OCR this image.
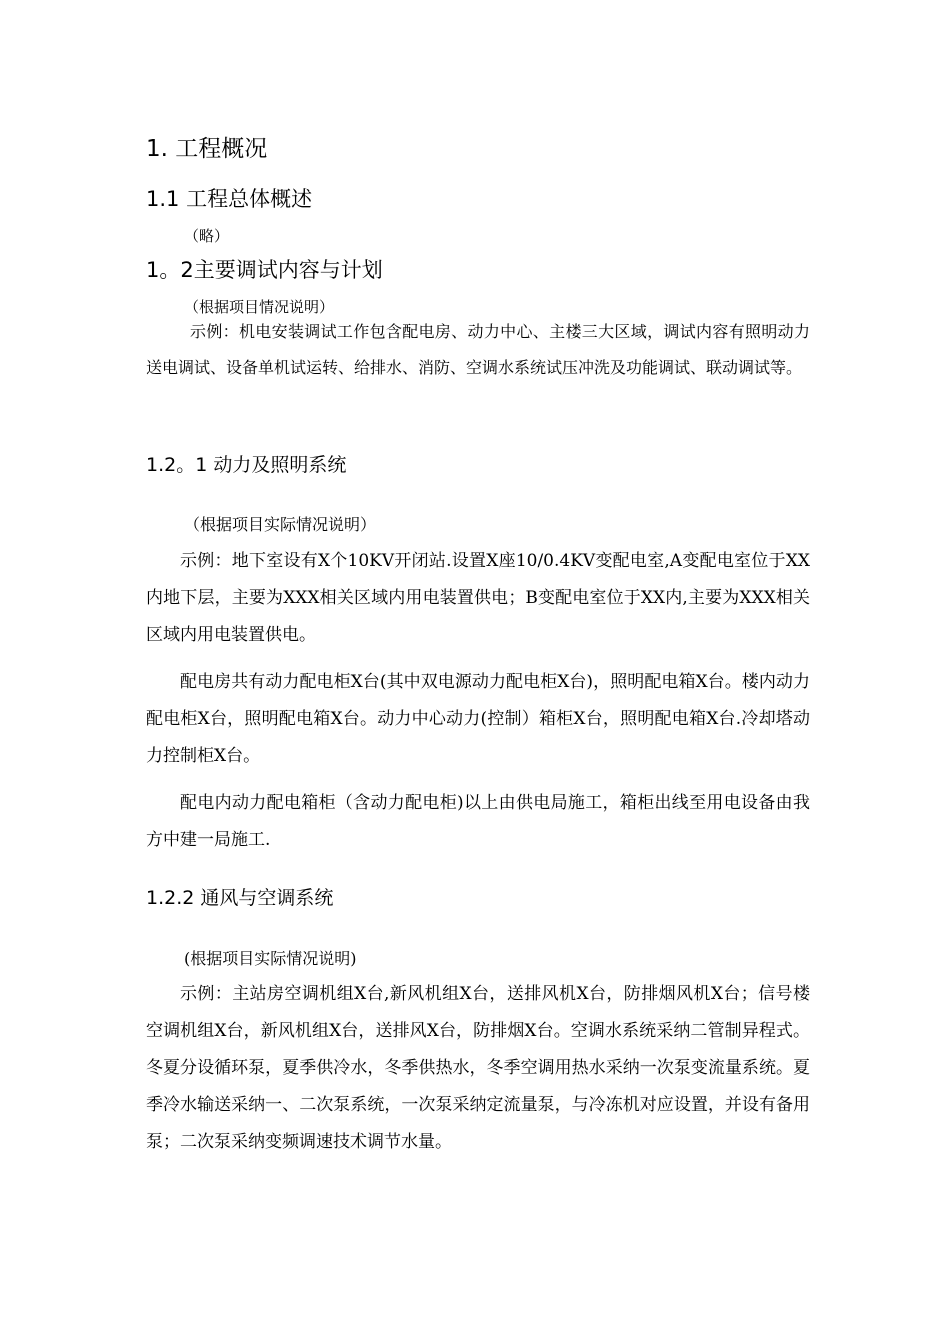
1. 工程概况
1.1 工程总体概述
（略）
1。2主要调试内容与计划
（根据项目情况说明）

示例：机电安装调试工作包含配电房、动力中心、主楼三大区域，调试内容有照明动力送电调试、设备单机试运转、给排水、消防、空调水系统试压冲洗及功能调试、联动调试等。

1.2。1 动力及照明系统
（根据项目实际情况说明）

示例：地下室设有X个10KV开闭站.设置X座10/0.4KV变配电室,A变配电室位于XX内地下层，主要为XXX相关区域内用电装置供电；B变配电室位于XX内,主要为XXX相关区域内用电装置供电。

配电房共有动力配电柜X台(其中双电源动力配电柜X台)，照明配电箱X台。楼内动力配电柜X台，照明配电箱X台。动力中心动力(控制）箱柜X台，照明配电箱X台.冷却塔动力控制柜X台。

配电内动力配电箱柜（含动力配电柜)以上由供电局施工，箱柜出线至用电设备由我方中建一局施工.

1.2.2 通风与空调系统
(根据项目实际情况说明)

示例：主站房空调机组X台,新风机组X台，送排风机X台，防排烟风机X台；信号楼空调机组X台，新风机组X台，送排风X台，防排烟X台。空调水系统采纳二管制异程式。冬夏分设循环泵，夏季供冷水，冬季供热水，冬季空调用热水采纳一次泵变流量系统。夏季冷水输送采纳一、二次泵系统，一次泵采纳定流量泵，与冷冻机对应设置，并设有备用泵；二次泵采纳变频调速技术调节水量。
